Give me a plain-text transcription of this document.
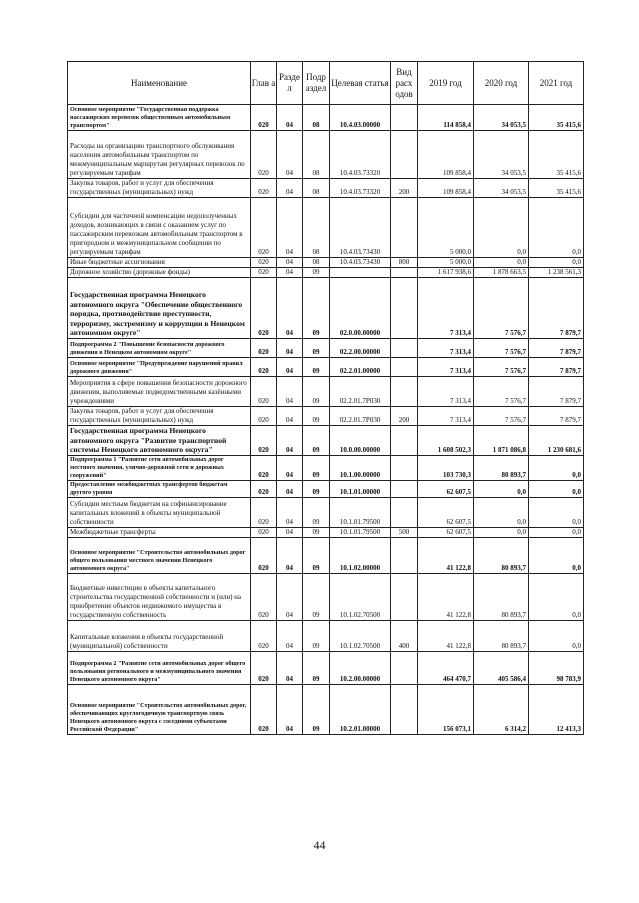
Наименование	Глав а	Разде л	Подр аздел	Целевая статья	Вид расх одов	2019 год	2020 год	2021 год
Основное мероприятие "Государственная поддержка пассажирских перевозок общественным автомобильным транспортом"	020	04	08	10.4.03.00000		114 858,4	34 053,5	35 415,6
Расходы на организацию транспортного обслуживания населения автомобильным транспортом по межмуниципальным маршрутам регулярных перевозок по регулируемым тарифам	020	04	08	10.4.03.73320		109 858,4	34 053,5	35 415,6
Закупка товаров, работ и услуг для обеспечения государственных (муниципальных) нужд	020	04	08	10.4.03.73320	200	109 858,4	34 053,5	35 415,6
Субсидии для частичной компенсации недополученных доходов, возникающих в связи с оказанием услуг по пассажирским перевозкам автомобильным транспортом в пригородном и межмуниципальном сообщении по регулируемым тарифам	020	04	08	10.4.03.73430		5 000,0	0,0	0,0
Иные бюджетные ассигнования	020	04	08	10.4.03.73430	800	5 000,0	0,0	0,0
Дорожное хозяйство (дорожные фонды)	020	04	09			1 617 938,6	1 878 663,5	1 238 561,3
Государственная программа Ненецкого автономного округа "Обеспечение общественного порядка, противодействие преступности, терроризму, экстремизму и коррупции в Ненецком автономном округе"	020	04	09	02.0.00.00000		7 313,4	7 576,7	7 879,7
Подпрограмма 2 "Повышение безопасности дорожного движения в Ненецком автономном округе"	020	04	09	02.2.00.00000		7 313,4	7 576,7	7 879,7
Основное мероприятие "Предупреждение нарушений правил дорожного движения"	020	04	09	02.2.01.00000		7 313,4	7 576,7	7 879,7
Мероприятия в сфере повышения безопасности дорожного движения, выполняемые подведомственными казёнными учреждениями	020	04	09	02.2.01.7Р030		7 313,4	7 576,7	7 879,7
Закупка товаров, работ и услуг для обеспечения государственных (муниципальных) нужд	020	04	09	02.2.01.7Р030	200	7 313,4	7 576,7	7 879,7
Государственная программа Ненецкого автономного округа "Развитие транспортной системы Ненецкого автономного округа"	020	04	09	10.0.00.00000		1 608 502,3	1 871 086,8	1 230 681,6
Подпрограмма 1 "Развитие сети автомобильных дорог местного значения, улично-дорожной сети и дорожных сооружений"	020	04	09	10.1.00.00000		103 730,3	80 893,7	0,0
Предоставление межбюджетных трансфертов бюджетам другого уровня	020	04	09	10.1.01.00000		62 607,5	0,0	0,0
Субсидии местным бюджетам на софинансирование капитальных вложений в объекты муниципальной собственности	020	04	09	10.1.01.79500		62 607,5	0,0	0,0
Межбюджетные трансферты	020	04	09	10.1.01.79500	500	62 607,5	0,0	0,0
Основное мероприятие "Строительство автомобильных дорог общего пользования местного значения Ненецкого автономного округа"	020	04	09	10.1.02.00000		41 122,8	80 893,7	0,0
Бюджетные инвестиции в объекты капитального строительства государственной собственности и (или) на приобретение объектов недвижимого имущества в государственную собственность	020	04	09	10.1.02.70500		41 122,8	80 893,7	0,0
Капитальные вложения в объекты государственной (муниципальной) собственности	020	04	09	10.1.02.70500	400	41 122,8	80 893,7	0,0
Подпрограмма 2 "Развитие сети автомобильных дорог общего пользования регионального и межмуниципального значения Ненецкого автономного округа"	020	04	09	10.2.00.00000		464 470,7	405 586,4	98 783,9
Основное мероприятие "Строительство автомобильных дорог, обеспечивающих круглогодичную транспортную связь Ненецкого автономного округа с соседними субъектами Российской Федерации"	020	04	09	10.2.01.00000		156 073,1	6 314,2	12 413,3
44
